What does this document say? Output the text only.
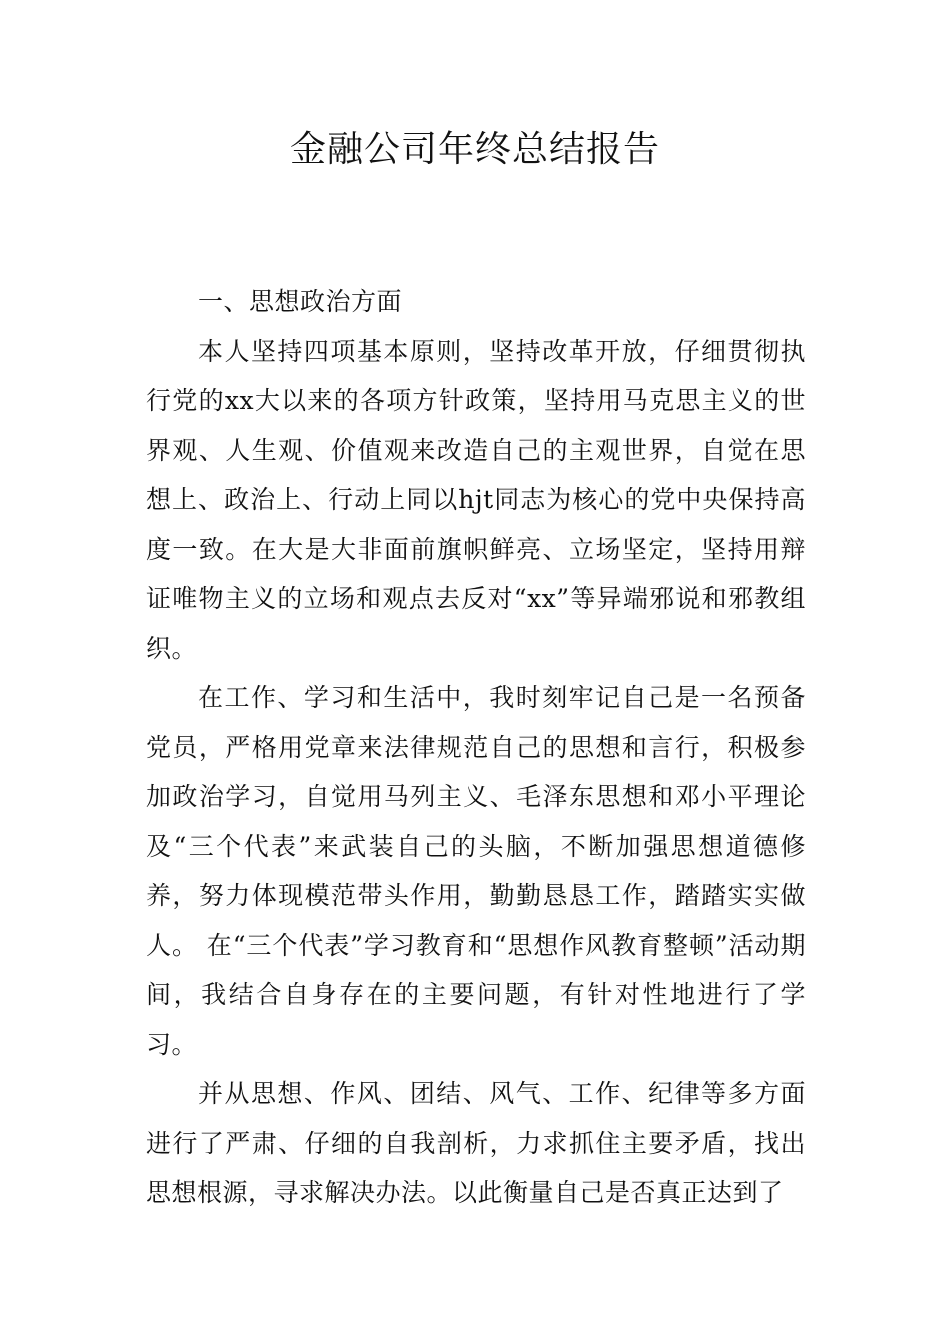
金融公司年终总结报告

一、思想政治方面

本人坚持四项基本原则，坚持改革开放，仔细贯彻执行党的xx大以来的各项方针政策，坚持用马克思主义的世界观、人生观、价值观来改造自己的主观世界，自觉在思想上、政治上、行动上同以hjt同志为核心的党中央保持高度一致。在大是大非面前旗帜鲜亮、立场坚定，坚持用辩证唯物主义的立场和观点去反对“xx”等异端邪说和邪教组织。

在工作、学习和生活中，我时刻牢记自己是一名预备党员，严格用党章来法律规范自己的思想和言行，积极参加政治学习，自觉用马列主义、毛泽东思想和邓小平理论及“三个代表”来武装自己的头脑，不断加强思想道德修养，努力体现模范带头作用，勤勤恳恳工作，踏踏实实做人。 在“三个代表”学习教育和“思想作风教育整顿”活动期间，我结合自身存在的主要问题，有针对性地进行了学习。

并从思想、作风、团结、风气、工作、纪律等多方面进行了严肃、仔细的自我剖析，力求抓住主要矛盾，找出思想根源，寻求解决办法。以此衡量自己是否真正达到了
